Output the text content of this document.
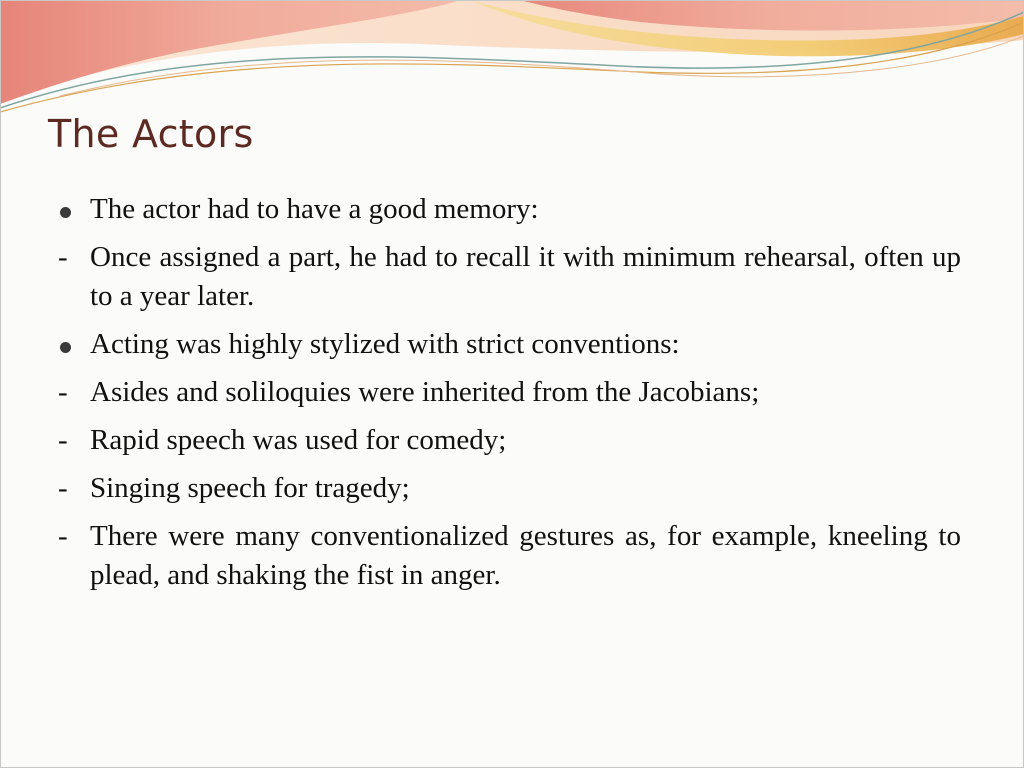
The Actors
The actor had to have a good memory:
- Once assigned a part, he had to recall it with minimum rehearsal, often up to a year later.
Acting was highly stylized with strict conventions:
- Asides and soliloquies were inherited from the Jacobians;
- Rapid speech was used for comedy;
- Singing speech for tragedy;
- There were many conventionalized gestures as, for example, kneeling to plead, and shaking the fist in anger.
